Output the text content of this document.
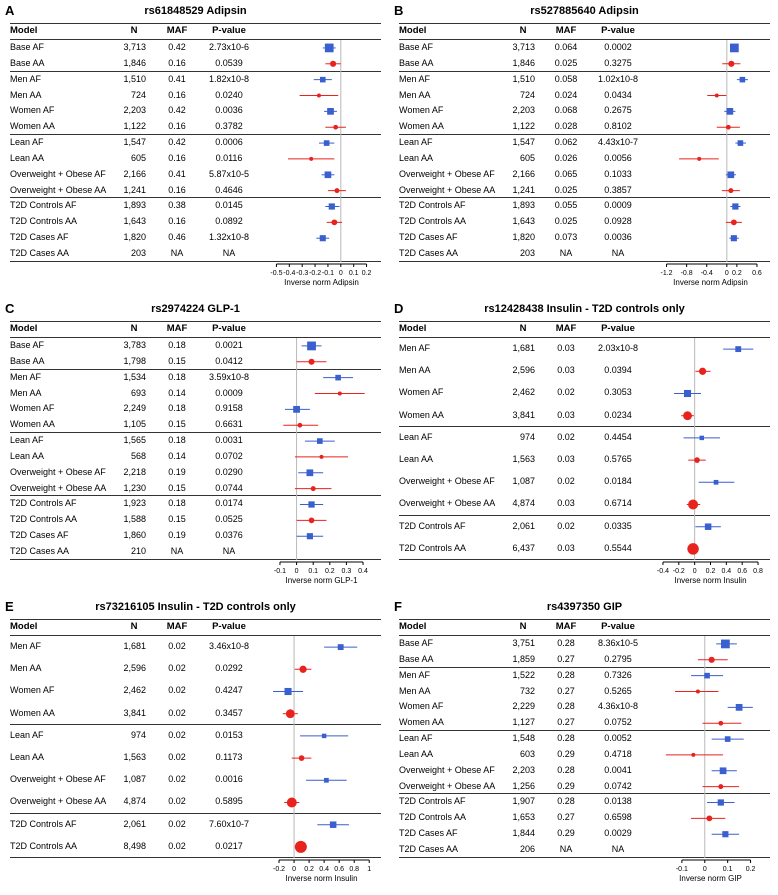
A	rs61848529 Adipsin
Model	N	MAF	P-value
Base AF	3,713	0.42	2.73x10-6
Base AA	1,846	0.16	0.0539
Men AF	1,510	0.41	1.82x10-8
Men AA	724	0.16	0.0240
Women AF	2,203	0.42	0.0036
Women AA	1,122	0.16	0.3782
Lean AF	1,547	0.42	0.0006
Lean AA	605	0.16	0.0116
Overweight + Obese AF	2,166	0.41	5.87x10-5
Overweight + Obese AA	1,241	0.16	0.4646
T2D Controls AF	1,893	0.38	0.0145
T2D Controls AA	1,643	0.16	0.0892
T2D Cases AF	1,820	0.46	1.32x10-8
T2D Cases AA	203	NA	NA
-0.5 -0.4 -0.3 -0.2 -0.1 0 0.1 0.2
Inverse norm Adipsin
B	rs527885640 Adipsin
Model	N	MAF	P-value
Base AF	3,713	0.064	0.0002
Base AA	1,846	0.025	0.3275
Men AF	1,510	0.058	1.02x10-8
Men AA	724	0.024	0.0434
Women AF	2,203	0.068	0.2675
Women AA	1,122	0.028	0.8102
Lean AF	1,547	0.062	4.43x10-7
Lean AA	605	0.026	0.0056
Overweight + Obese AF	2,166	0.065	0.1033
Overweight + Obese AA	1,241	0.025	0.3857
T2D Controls AF	1,893	0.055	0.0009
T2D Controls AA	1,643	0.025	0.0928
T2D Cases AF	1,820	0.073	0.0036
T2D Cases AA	203	NA	NA
-1.2 -0.8 -0.4 0 0.2 0.6
Inverse norm Adipsin
C	rs2974224 GLP-1
Model	N	MAF	P-value
Base AF	3,783	0.18	0.0021
Base AA	1,798	0.15	0.0412
Men AF	1,534	0.18	3.59x10-8
Men AA	693	0.14	0.0009
Women AF	2,249	0.18	0.9158
Women AA	1,105	0.15	0.6631
Lean AF	1,565	0.18	0.0031
Lean AA	568	0.14	0.0702
Overweight + Obese AF	2,218	0.19	0.0290
Overweight + Obese AA	1,230	0.15	0.0744
T2D Controls AF	1,923	0.18	0.0174
T2D Controls AA	1,588	0.15	0.0525
T2D Cases AF	1,860	0.19	0.0376
T2D Cases AA	210	NA	NA
-0.1 0 0.1 0.2 0.3 0.4
Inverse norm GLP-1
D	rs12428438 Insulin - T2D controls only
Model	N	MAF	P-value
Men AF	1,681	0.03	2.03x10-8
Men AA	2,596	0.03	0.0394
Women AF	2,462	0.02	0.3053
Women AA	3,841	0.03	0.0234
Lean AF	974	0.02	0.4454
Lean AA	1,563	0.03	0.5765
Overweight + Obese AF	1,087	0.02	0.0184
Overweight + Obese AA	4,874	0.03	0.6714
T2D Controls AF	2,061	0.02	0.0335
T2D Controls AA	6,437	0.03	0.5544
-0.4 -0.2 0 0.2 0.4 0.6 0.8
Inverse norm Insulin
E	rs73216105 Insulin - T2D controls only
Model	N	MAF	P-value
Men AF	1,681	0.02	3.46x10-8
Men AA	2,596	0.02	0.0292
Women AF	2,462	0.02	0.4247
Women AA	3,841	0.02	0.3457
Lean AF	974	0.02	0.0153
Lean AA	1,563	0.02	0.1173
Overweight + Obese AF	1,087	0.02	0.0016
Overweight + Obese AA	4,874	0.02	0.5895
T2D Controls AF	2,061	0.02	7.60x10-7
T2D Controls AA	8,498	0.02	0.0217
-0.2 0 0.2 0.4 0.6 0.8 1
Inverse norm Insulin
F	rs4397350 GIP
Model	N	MAF	P-value
Base AF	3,751	0.28	8.36x10-5
Base AA	1,859	0.27	0.2795
Men AF	1,522	0.28	0.7326
Men AA	732	0.27	0.5265
Women AF	2,229	0.28	4.36x10-8
Women AA	1,127	0.27	0.0752
Lean AF	1,548	0.28	0.0052
Lean AA	603	0.29	0.4718
Overweight + Obese AF	2,203	0.28	0.0041
Overweight + Obese AA	1,256	0.29	0.0742
T2D Controls AF	1,907	0.28	0.0138
T2D Controls AA	1,653	0.27	0.6598
T2D Cases AF	1,844	0.29	0.0029
T2D Cases AA	206	NA	NA
-0.1 0 0.1 0.2
Inverse norm GIP
